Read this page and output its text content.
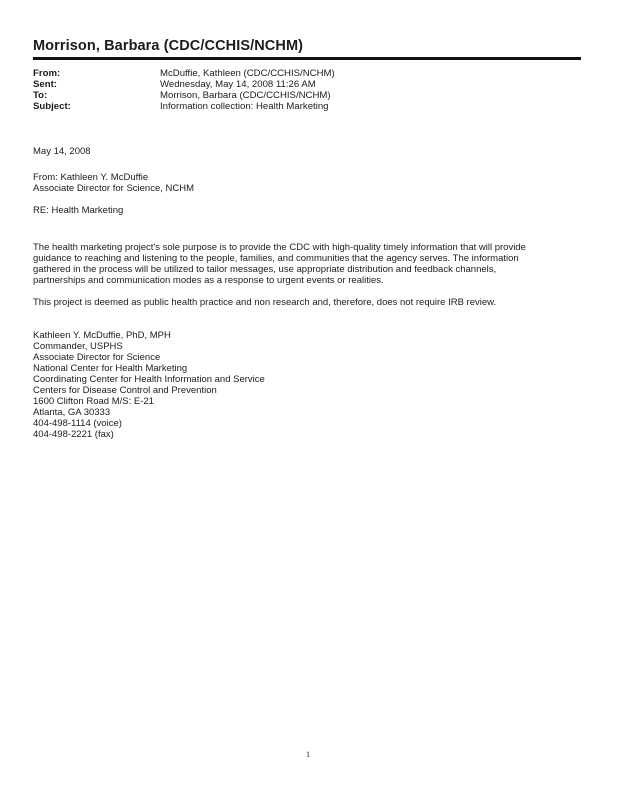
Morrison, Barbara (CDC/CCHIS/NCHM)
From:	McDuffie, Kathleen (CDC/CCHIS/NCHM)
Sent:	Wednesday, May 14, 2008 11:26 AM
To:	Morrison, Barbara (CDC/CCHIS/NCHM)
Subject:	Information collection: Health Marketing

May 14, 2008

From: Kathleen Y. McDuffie

Associate Director for Science, NCHM

RE: Health Marketing

The health marketing project's sole purpose is to provide the CDC with high-quality timely information that will provide

guidance to reaching and listening to the people, families, and communities that the agency serves. The information

gathered in the process will be utilized to tailor messages, use appropriate distribution and feedback channels,

partnerships and communication modes as a response to urgent events or realities.

This project is deemed as public health practice and non research and, therefore, does not require IRB review.

Kathleen Y. McDuffie, PhD, MPH

Commander, USPHS

Associate Director for Science

National Center for Health Marketing

Coordinating Center for Health Information and Service

Centers for Disease Control and Prevention

1600 Clifton Road M/S: E-21

Atlanta, GA 30333

404-498-1114 (voice)

404-498-2221 (fax)

1
